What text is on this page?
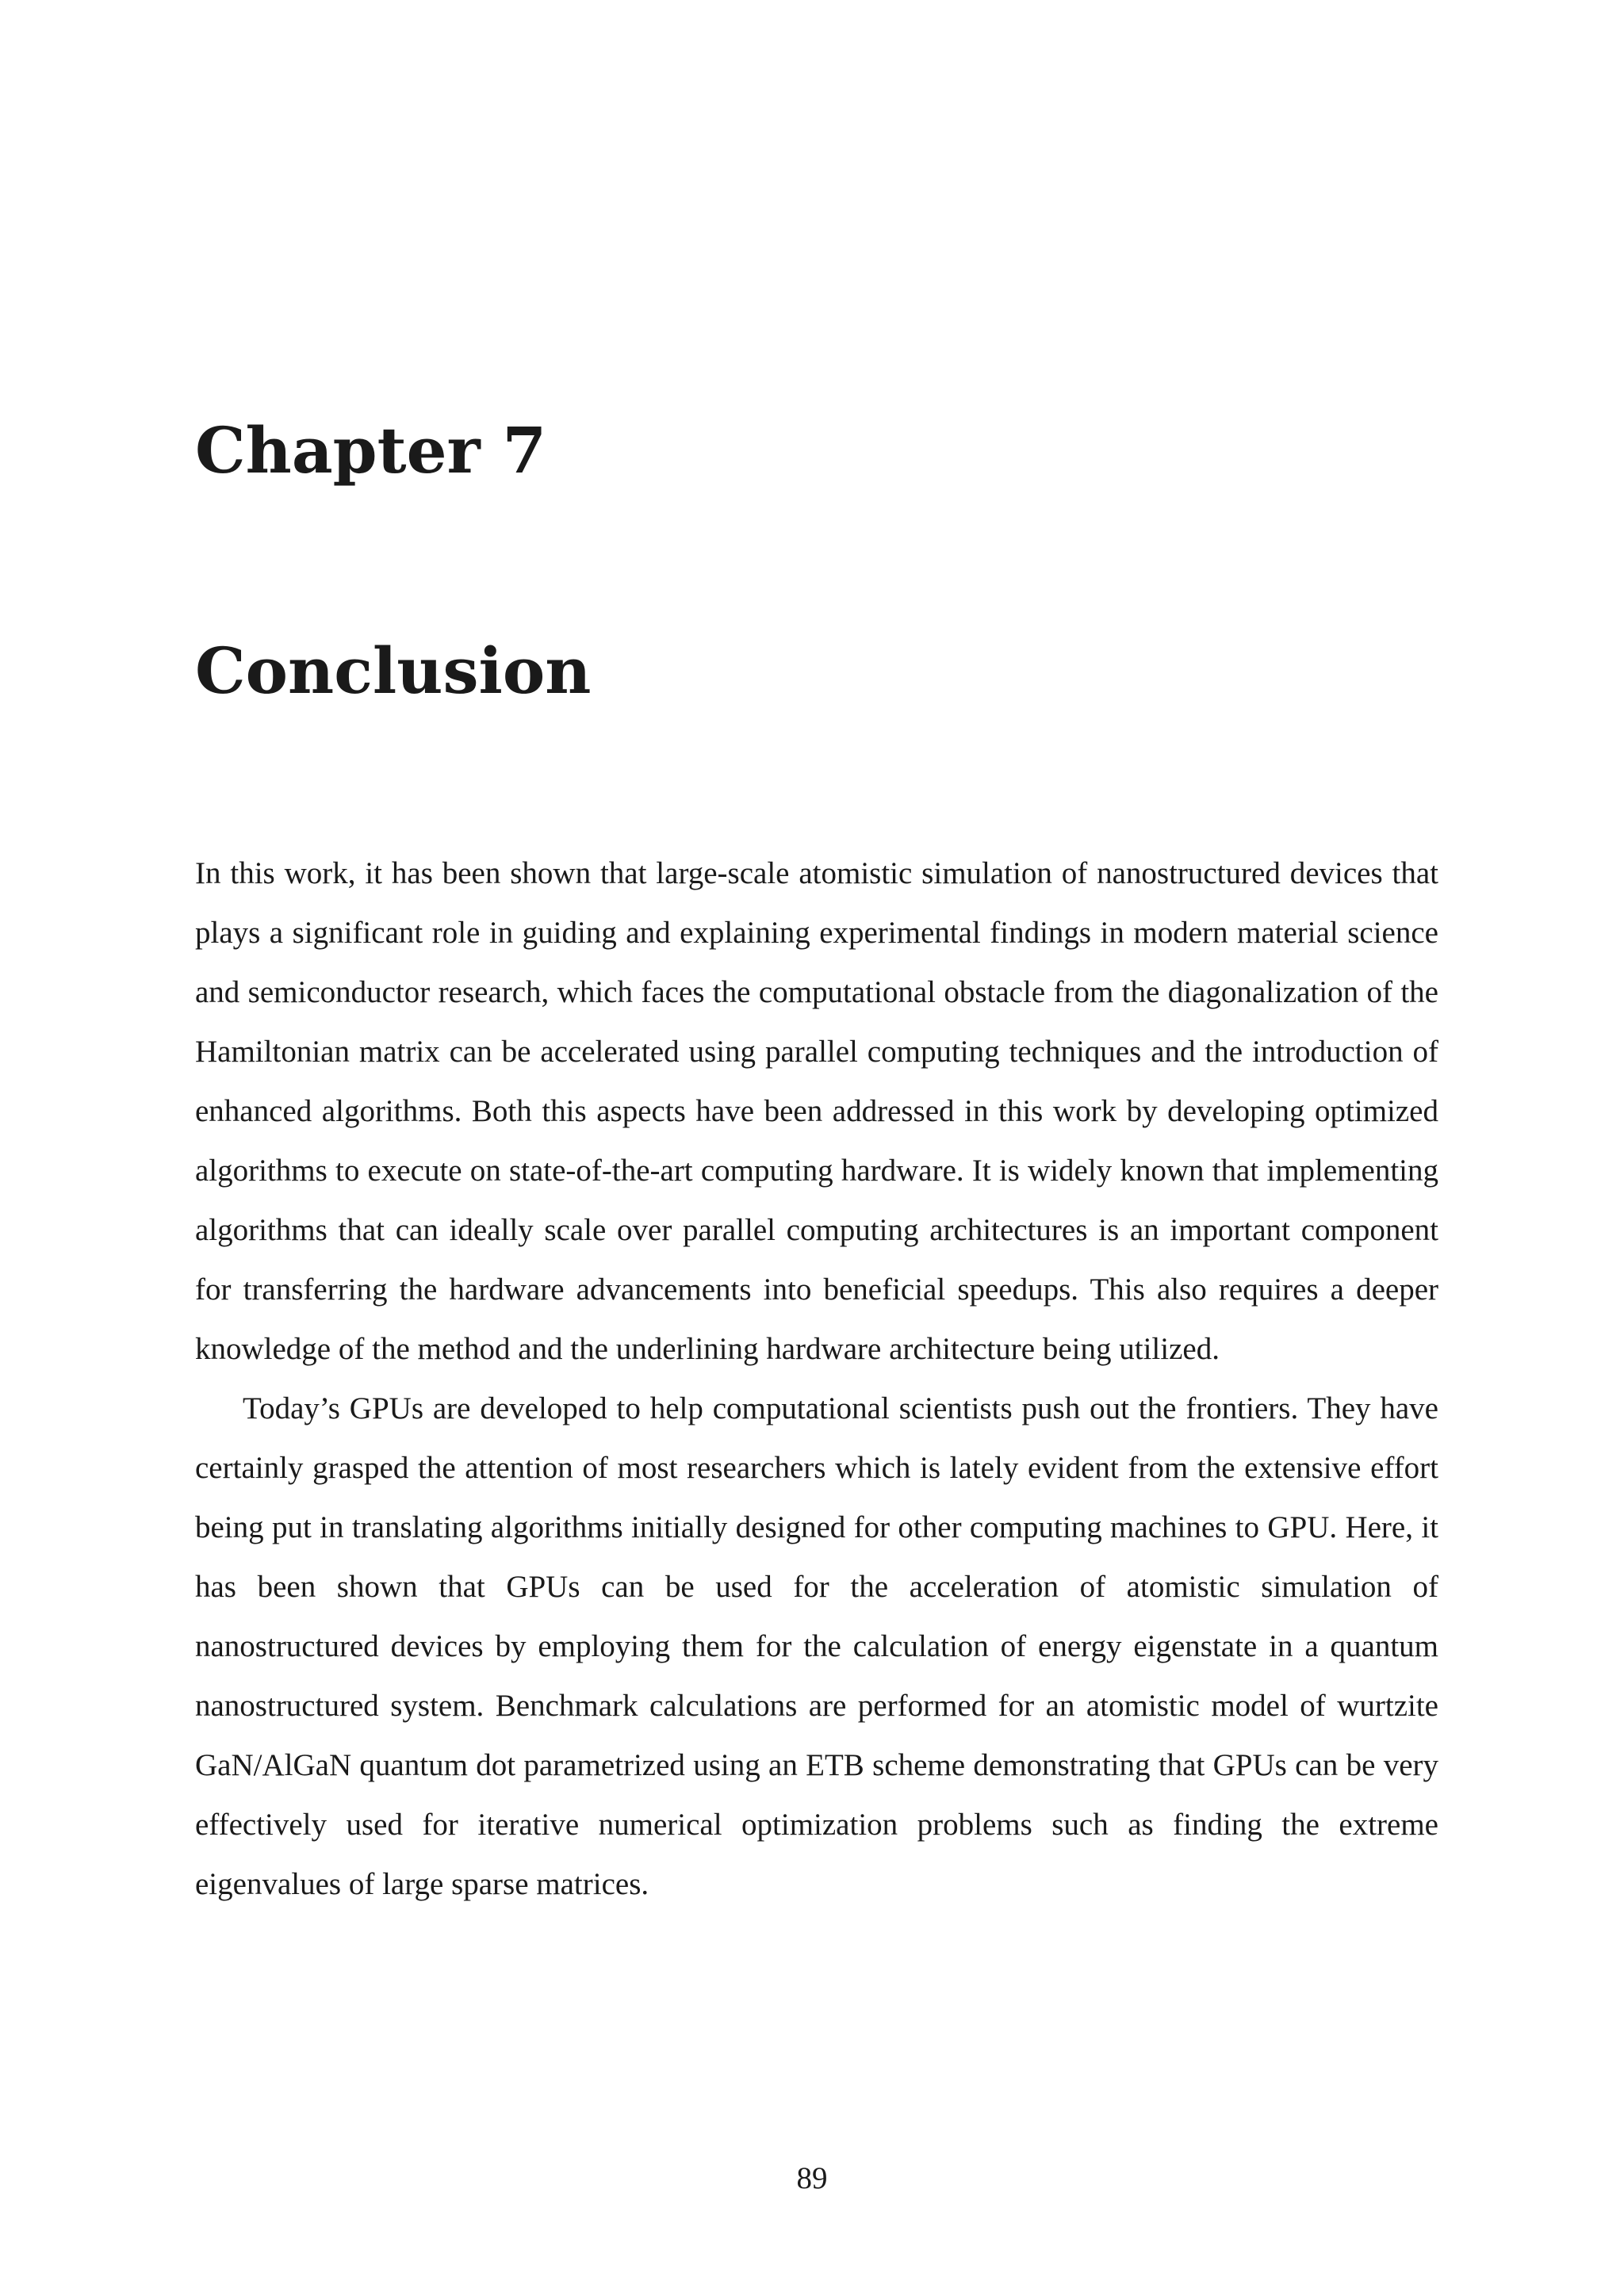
Chapter 7
Conclusion

In this work, it has been shown that large-scale atomistic simulation of nanostructured devices that plays a significant role in guiding and explaining experimental findings in modern material science and semiconductor research, which faces the computational obstacle from the diagonalization of the Hamiltonian matrix can be accelerated using parallel computing techniques and the introduction of enhanced algorithms. Both this aspects have been addressed in this work by developing optimized algorithms to execute on state-of-the-art computing hardware. It is widely known that implementing algorithms that can ideally scale over parallel computing architectures is an important component for transferring the hardware advancements into beneficial speedups. This also requires a deeper knowledge of the method and the underlining hardware architecture being utilized.

Today’s GPUs are developed to help computational scientists push out the frontiers. They have certainly grasped the attention of most researchers which is lately evident from the extensive effort being put in translating algorithms initially designed for other computing machines to GPU. Here, it has been shown that GPUs can be used for the acceleration of atomistic simulation of nanostructured devices by employing them for the calculation of energy eigenstate in a quantum nanostructured system. Benchmark calculations are performed for an atomistic model of wurtzite GaN/AlGaN quantum dot parametrized using an ETB scheme demonstrating that GPUs can be very effectively used for iterative numerical optimization problems such as finding the extreme eigenvalues of large sparse matrices.

89
